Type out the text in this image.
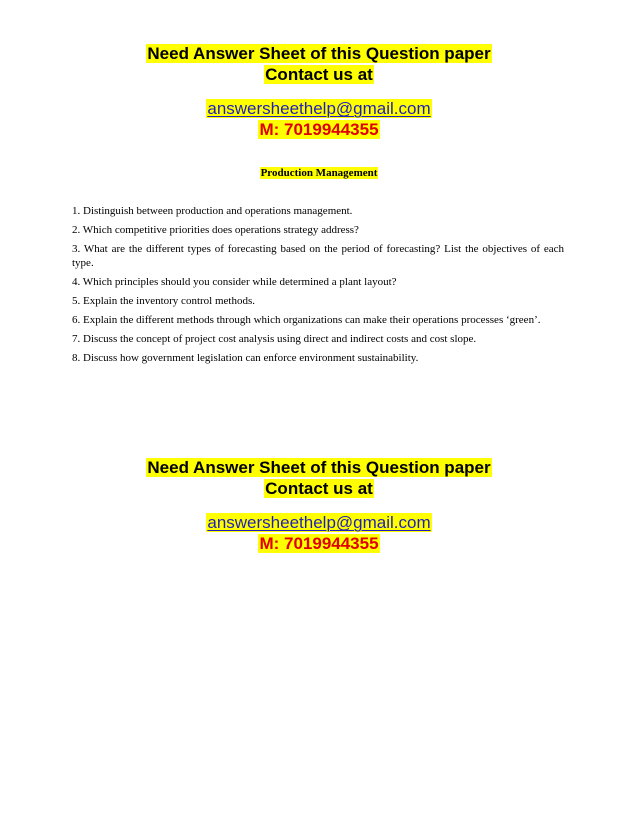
Need Answer Sheet of this Question paper
Contact us at
answersheethelp@gmail.com
M: 7019944355
Production Management
1. Distinguish between production and operations management.
2. Which competitive priorities does operations strategy address?
3. What are the different types of forecasting based on the period of forecasting? List the objectives of each type.
4. Which principles should you consider while determined a plant layout?
5. Explain the inventory control methods.
6. Explain the different methods through which organizations can make their operations processes ‘green’.
7. Discuss the concept of project cost analysis using direct and indirect costs and cost slope.
8. Discuss how government legislation can enforce environment sustainability.
Need Answer Sheet of this Question paper
Contact us at
answersheethelp@gmail.com
M: 7019944355
